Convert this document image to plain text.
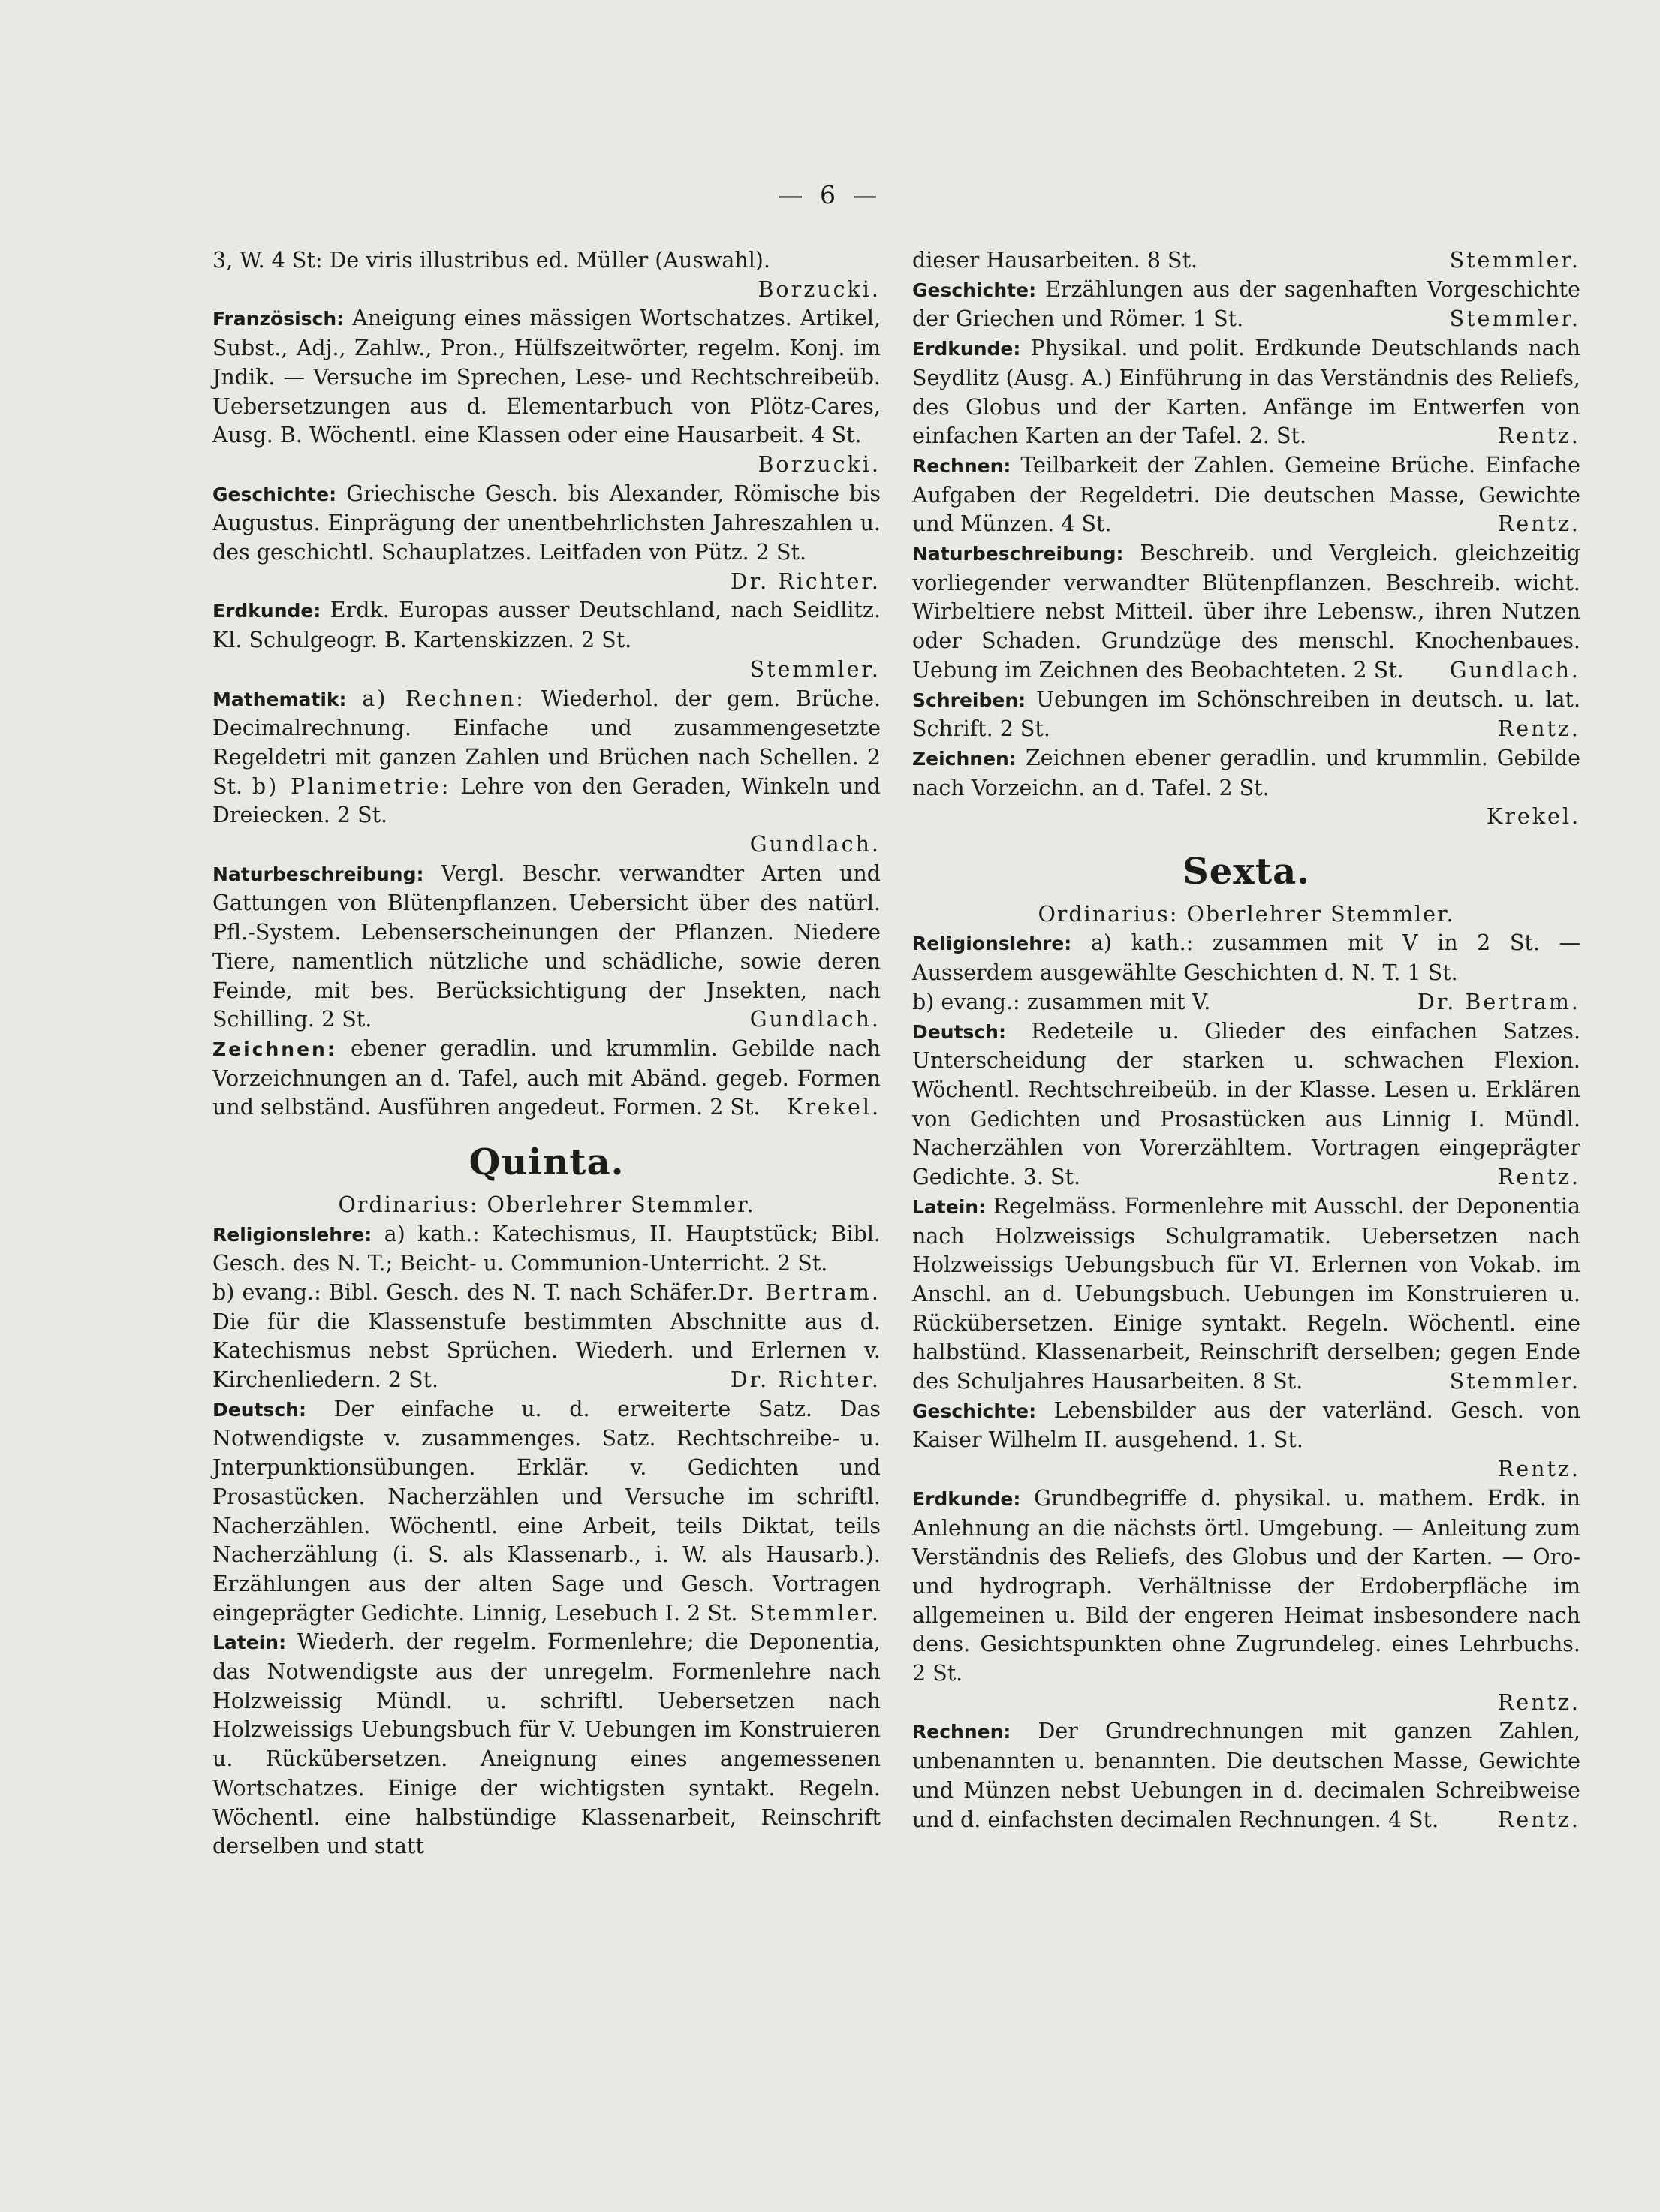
— 6 —

3, W. 4 St: De viris illustribus ed. Müller (Auswahl).
Borzucki.

Französisch: Aneigung eines mässigen Wortschatzes. Artikel, Subst., Adj., Zahlw., Pron., Hülfszeitwörter, regelm. Konj. im Jndik. — Versuche im Sprechen, Lese- und Rechtschreibeüb. Uebersetzungen aus d. Elementarbuch von Plötz-Cares, Ausg. B. Wöchentl. eine Klassen oder eine Hausarbeit. 4 St.
Borzucki.

Geschichte: Griechische Gesch. bis Alexander, Römische bis Augustus. Einprägung der unentbehrlichsten Jahreszahlen u. des geschichtl. Schauplatzes. Leitfaden von Pütz. 2 St.
Dr. Richter.

Erdkunde: Erdk. Europas ausser Deutschland, nach Seidlitz. Kl. Schulgeogr. B. Kartenskizzen. 2 St.
Stemmler.

Mathematik: a) Rechnen: Wiederhol. der gem. Brüche. Decimalrechnung. Einfache und zusammengesetzte Regeldetri mit ganzen Zahlen und Brüchen nach Schellen. 2 St. b) Planimetrie: Lehre von den Geraden, Winkeln und Dreiecken. 2 St.
Gundlach.

Naturbeschreibung: Vergl. Beschr. verwandter Arten und Gattungen von Blütenpflanzen. Uebersicht über des natürl. Pfl.-System. Lebenserscheinungen der Pflanzen. Niedere Tiere, namentlich nützliche und schädliche, sowie deren Feinde, mit bes. Berücksichtigung der Jnsekten, nach Schilling. 2 St.	Gundlach.

Zeichnen: ebener geradlin. und krummlin. Gebilde nach Vorzeichnungen an d. Tafel, auch mit Abänd. gegeb. Formen und selbständ. Ausführen angedeut. Formen. 2 St. Krekel.

Quinta.

Ordinarius: Oberlehrer Stemmler.

Religionslehre: a) kath.: Katechismus, II. Hauptstück; Bibl. Gesch. des N. T.; Beicht- u. Communion-Unterricht. 2 St.
Dr. Bertram.

b) evang.: Bibl. Gesch. des N. T. nach Schäfer. Die für die Klassenstufe bestimmten Abschnitte aus d. Katechismus nebst Sprüchen. Wiederh. und Erlernen v. Kirchenliedern. 2 St.	Dr. Richter.

Deutsch: Der einfache u. d. erweiterte Satz. Das Notwendigste v. zusammenges. Satz. Rechtschreibe- u. Jnterpunktionsübungen. Erklär. v. Gedichten und Prosastücken. Nacherzählen und Versuche im schriftl. Nacherzählen. Wöchentl. eine Arbeit, teils Diktat, teils Nacherzählung (i. S. als Klassenarb., i. W. als Hausarb.). Erzählungen aus der alten Sage und Gesch. Vortragen eingeprägter Gedichte. Linnig, Lesebuch I. 2 St. Stemmler.

Latein: Wiederh. der regelm. Formenlehre; die Deponentia, das Notwendigste aus der unregelm. Formenlehre nach Holzweissig Mündl. u. schriftl. Uebersetzen nach Holzweissigs Uebungsbuch für V. Uebungen im Konstruieren u. Rückübersetzen. Aneignung eines angemessenen Wortschatzes. Einige der wichtigsten syntakt. Regeln. Wöchentl. eine halbstündige Klassenarbeit, Reinschrift derselben und statt

dieser Hausarbeiten. 8 St.	Stemmler.

Geschichte: Erzählungen aus der sagenhaften Vorgeschichte der Griechen und Römer. 1 St.	Stemmler.

Erdkunde: Physikal. und polit. Erdkunde Deutschlands nach Seydlitz (Ausg. A.) Einführung in das Verständnis des Reliefs, des Globus und der Karten. Anfänge im Entwerfen von einfachen Karten an der Tafel. 2. St.	Rentz.

Rechnen: Teilbarkeit der Zahlen. Gemeine Brüche. Einfache Aufgaben der Regeldetri. Die deutschen Masse, Gewichte und Münzen. 4 St.	Rentz.

Naturbeschreibung: Beschreib. und Vergleich. gleichzeitig vorliegender verwandter Blütenpflanzen. Beschreib. wicht. Wirbeltiere nebst Mitteil. über ihre Lebensw., ihren Nutzen oder Schaden. Grundzüge des menschl. Knochenbaues. Uebung im Zeichnen des Beobachteten. 2 St. Gundlach.

Schreiben: Uebungen im Schönschreiben in deutsch. u. lat. Schrift. 2 St.	Rentz.

Zeichnen: Zeichnen ebener geradlin. und krummlin. Gebilde nach Vorzeichn. an d. Tafel. 2 St.
Krekel.

Sexta.

Ordinarius: Oberlehrer Stemmler.

Religionslehre: a) kath.: zusammen mit V in 2 St. — Ausserdem ausgewählte Geschichten d. N. T. 1 St.
Dr. Bertram.

b) evang.: zusammen mit V.

Deutsch: Redeteile u. Glieder des einfachen Satzes. Unterscheidung der starken u. schwachen Flexion. Wöchentl. Rechtschreibeüb. in der Klasse. Lesen u. Erklären von Gedichten und Prosastücken aus Linnig I. Mündl. Nacherzählen von Vorerzähltem. Vortragen eingeprägter Gedichte. 3. St.	Rentz.

Latein: Regelmäss. Formenlehre mit Ausschl. der Deponentia nach Holzweissigs Schulgramatik. Uebersetzen nach Holzweissigs Uebungsbuch für VI. Erlernen von Vokab. im Anschl. an d. Uebungsbuch. Uebungen im Konstruieren u. Rückübersetzen. Einige syntakt. Regeln. Wöchentl. eine halbstünd. Klassenarbeit, Reinschrift derselben; gegen Ende des Schuljahres Hausarbeiten. 8 St.	Stemmler.

Geschichte: Lebensbilder aus der vaterländ. Gesch. von Kaiser Wilhelm II. ausgehend. 1. St.
Rentz.

Erdkunde: Grundbegriffe d. physikal. u. mathem. Erdk. in Anlehnung an die nächsts örtl. Umgebung. — Anleitung zum Verständnis des Reliefs, des Globus und der Karten. — Oro- und hydrograph. Verhältnisse der Erdoberpfläche im allgemeinen u. Bild der engeren Heimat insbesondere nach dens. Gesichtspunkten ohne Zugrundeleg. eines Lehrbuchs. 2 St.
Rentz.

Rechnen: Der Grundrechnungen mit ganzen Zahlen, unbenannten u. benannten. Die deutschen Masse, Gewichte und Münzen nebst Uebungen in d. decimalen Schreibweise und d. einfachsten decimalen Rechnungen. 4 St.	Rentz.
